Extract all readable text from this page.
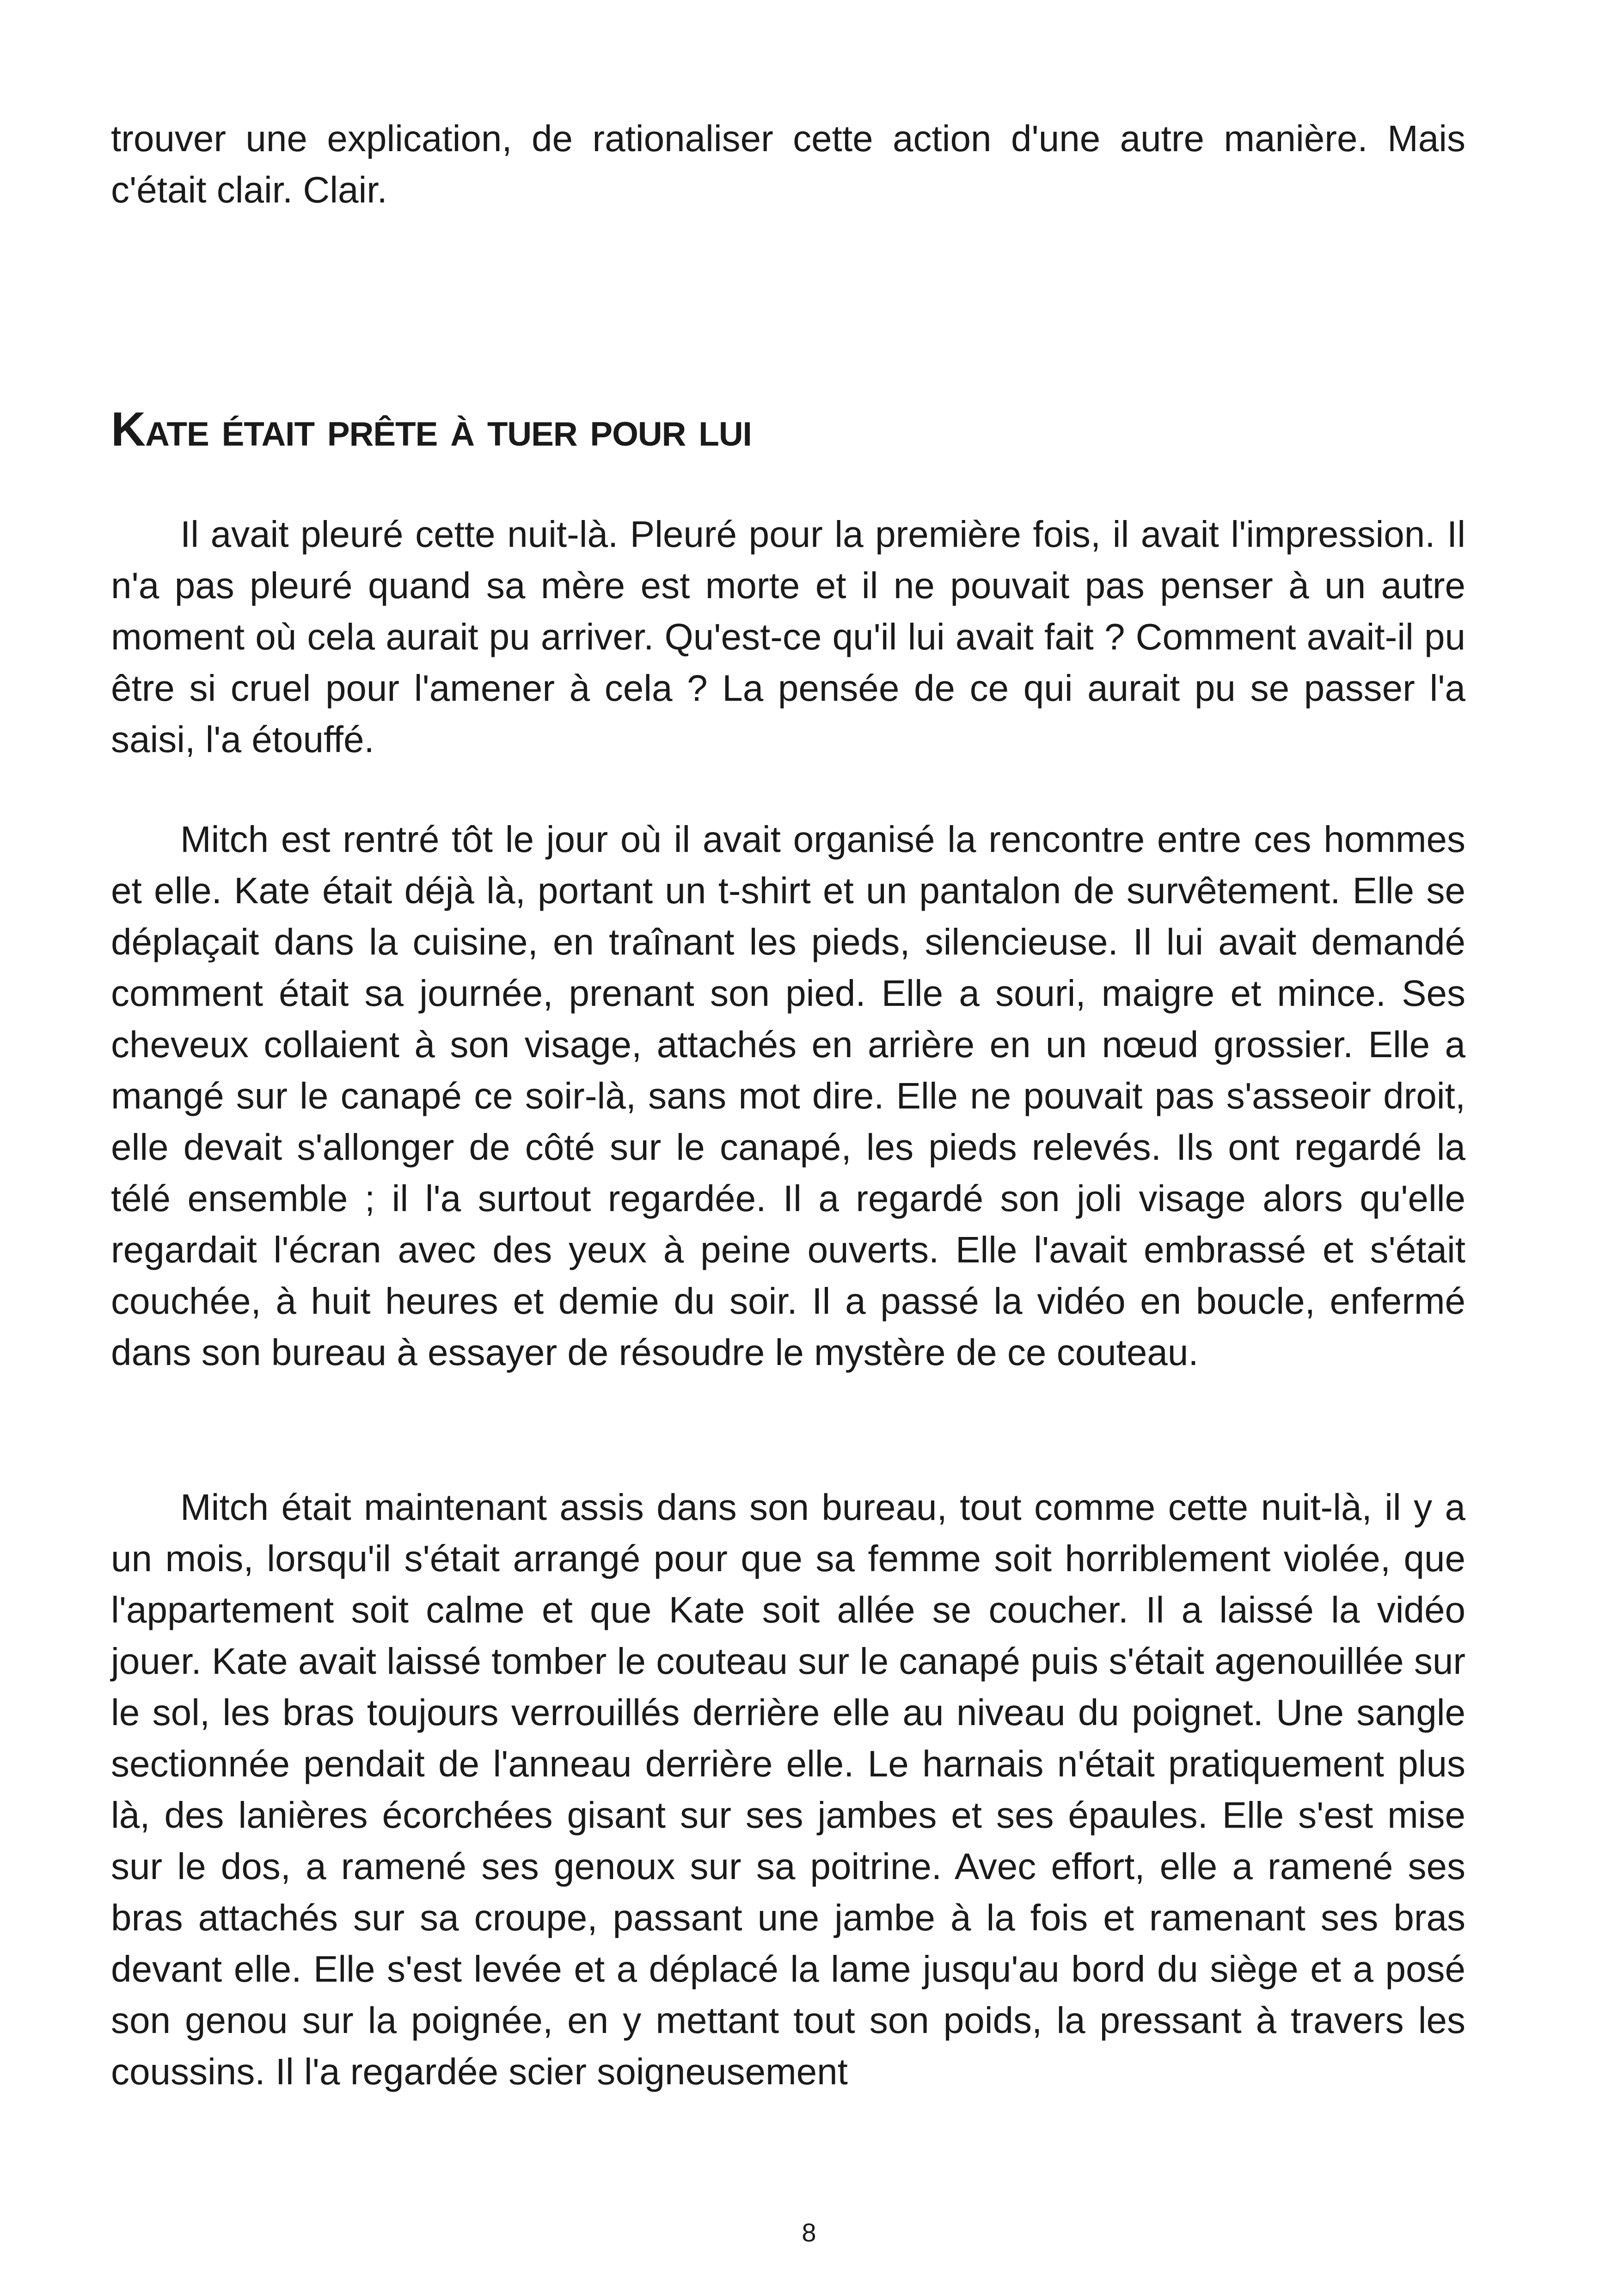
trouver une explication, de rationaliser cette action d'une autre manière. Mais c'était clair. Clair.

Kate était prête à tuer pour lui

Il avait pleuré cette nuit-là. Pleuré pour la première fois, il avait l'impression. Il n'a pas pleuré quand sa mère est morte et il ne pouvait pas penser à un autre moment où cela aurait pu arriver. Qu'est-ce qu'il lui avait fait ? Comment avait-il pu être si cruel pour l'amener à cela ? La pensée de ce qui aurait pu se passer l'a saisi, l'a étouffé.

Mitch est rentré tôt le jour où il avait organisé la rencontre entre ces hommes et elle. Kate était déjà là, portant un t-shirt et un pantalon de survêtement. Elle se déplaçait dans la cuisine, en traînant les pieds, silencieuse. Il lui avait demandé comment était sa journée, prenant son pied. Elle a souri, maigre et mince. Ses cheveux collaient à son visage, attachés en arrière en un nœud grossier. Elle a mangé sur le canapé ce soir-là, sans mot dire. Elle ne pouvait pas s'asseoir droit, elle devait s'allonger de côté sur le canapé, les pieds relevés. Ils ont regardé la télé ensemble ; il l'a surtout regardée. Il a regardé son joli visage alors qu'elle regardait l'écran avec des yeux à peine ouverts. Elle l'avait embrassé et s'était couchée, à huit heures et demie du soir. Il a passé la vidéo en boucle, enfermé dans son bureau à essayer de résoudre le mystère de ce couteau.

Mitch était maintenant assis dans son bureau, tout comme cette nuit-là, il y a un mois, lorsqu'il s'était arrangé pour que sa femme soit horriblement violée, que l'appartement soit calme et que Kate soit allée se coucher. Il a laissé la vidéo jouer. Kate avait laissé tomber le couteau sur le canapé puis s'était agenouillée sur le sol, les bras toujours verrouillés derrière elle au niveau du poignet. Une sangle sectionnée pendait de l'anneau derrière elle. Le harnais n'était pratiquement plus là, des lanières écorchées gisant sur ses jambes et ses épaules. Elle s'est mise sur le dos, a ramené ses genoux sur sa poitrine. Avec effort, elle a ramené ses bras attachés sur sa croupe, passant une jambe à la fois et ramenant ses bras devant elle. Elle s'est levée et a déplacé la lame jusqu'au bord du siège et a posé son genou sur la poignée, en y mettant tout son poids, la pressant à travers les coussins. Il l'a regardée scier soigneusement

8
